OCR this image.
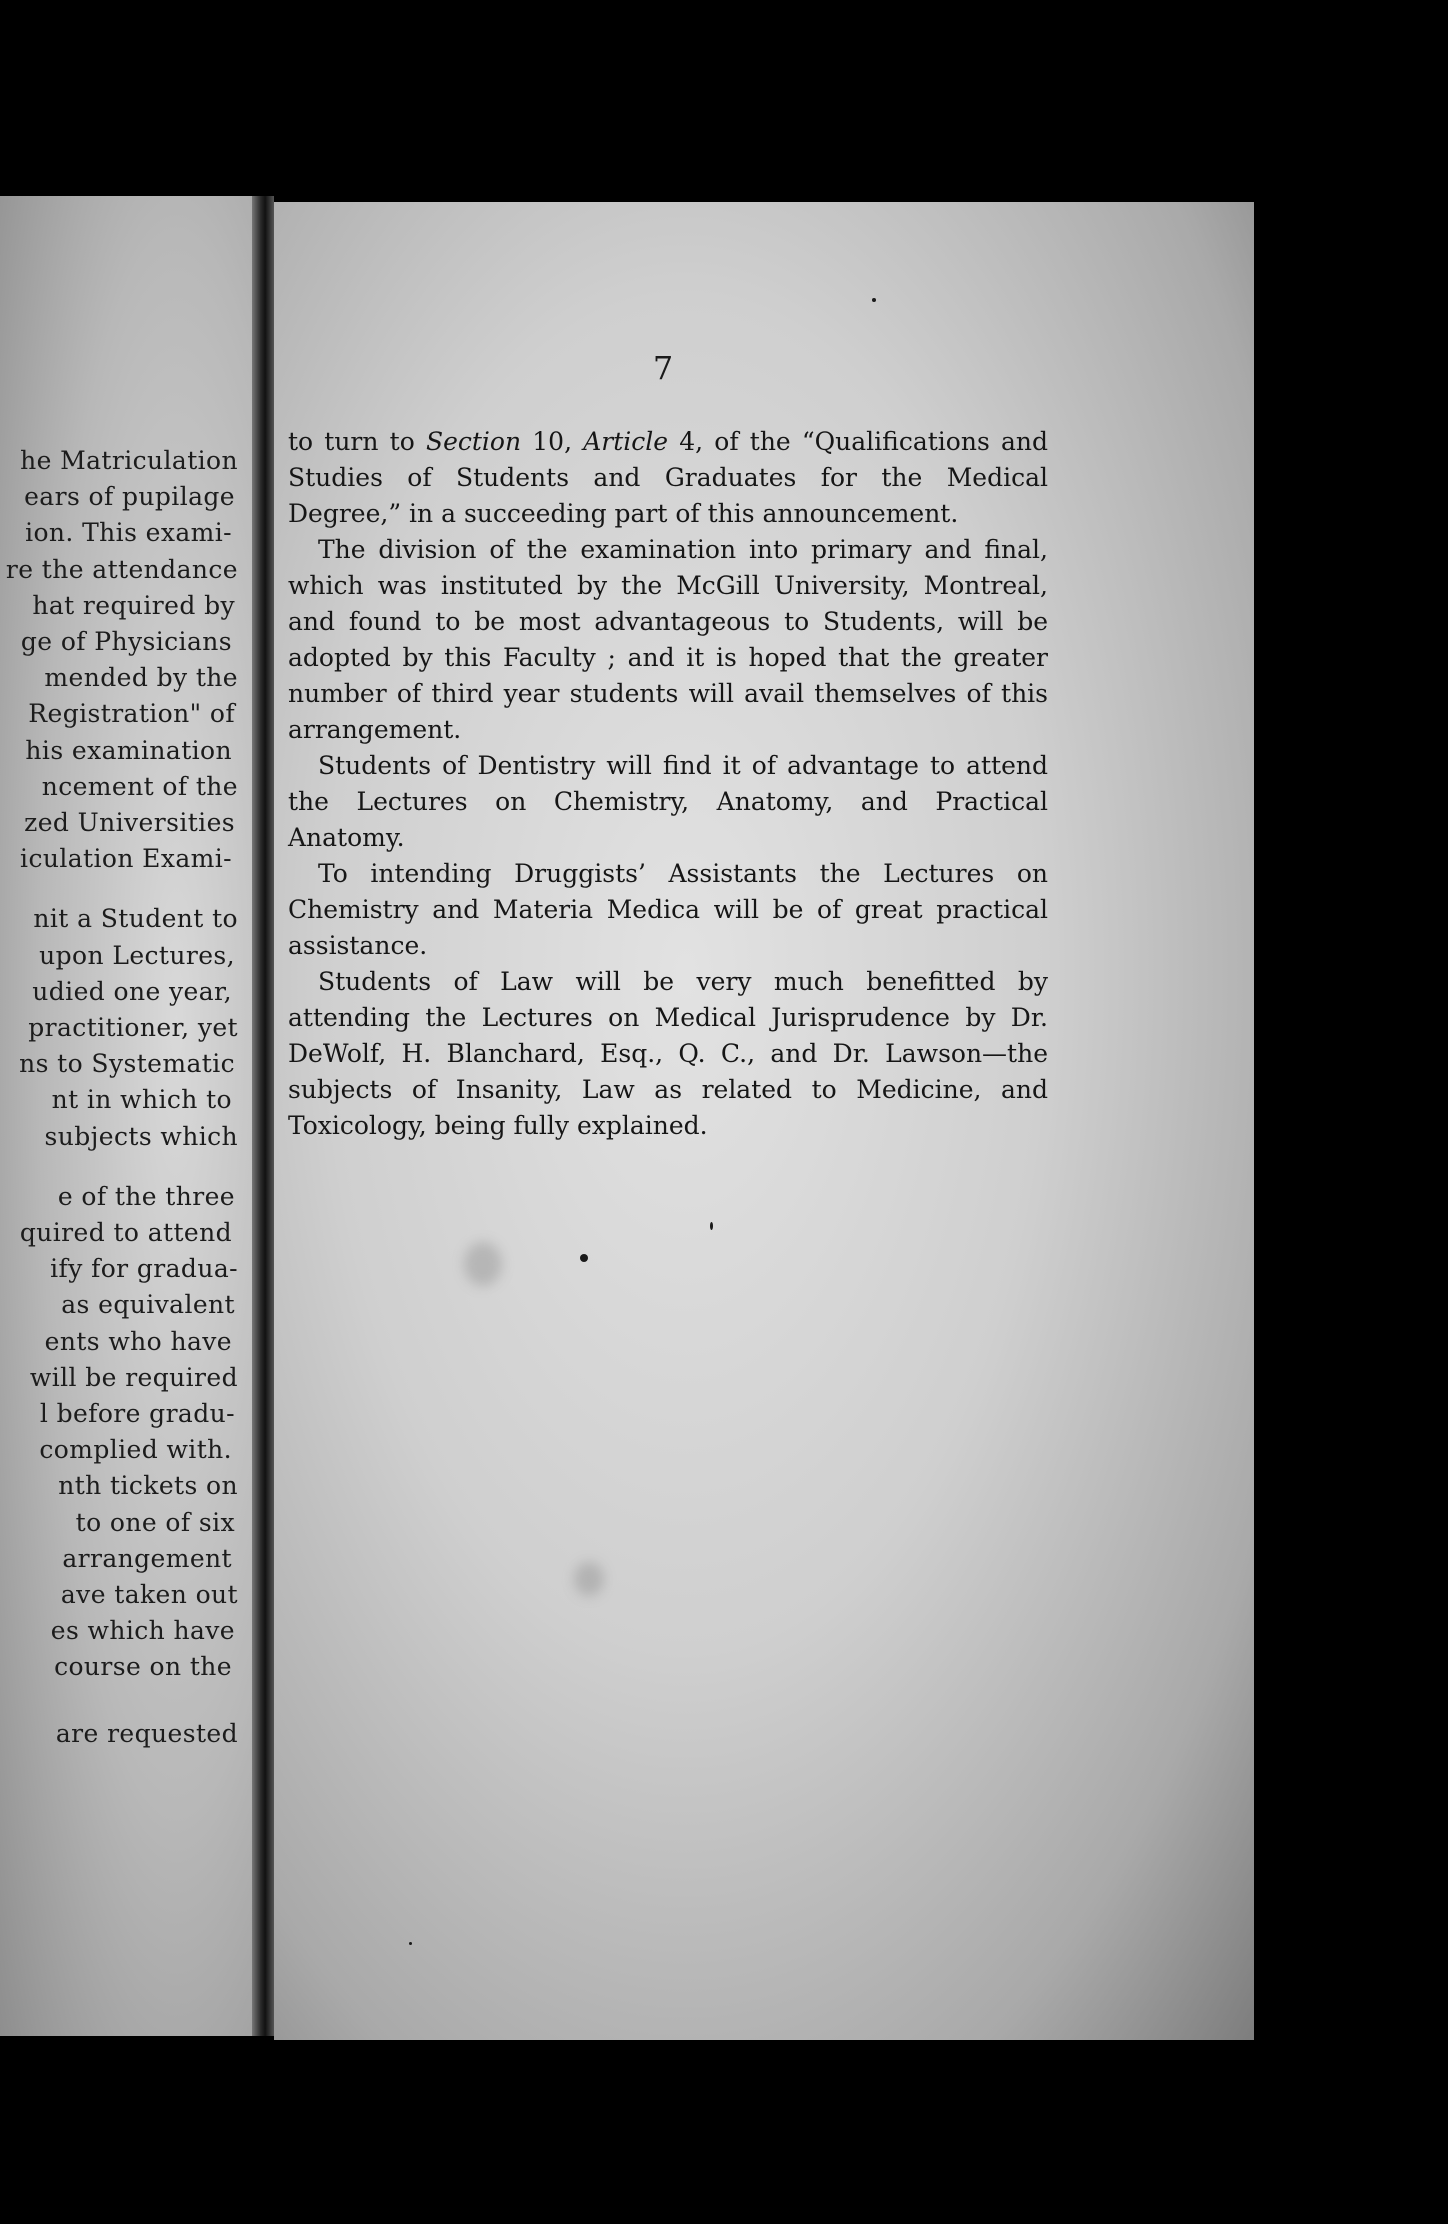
he Matriculation
ears of pupilage
ion. This exami-
re the attendance
hat required by
ge of Physicians
mended by the
Registration" of
his examination
ncement of the
zed Universities
iculation Exami-
nit a Student to
upon Lectures,
udied one year,
practitioner, yet
ns to Systematic
nt in which to
subjects which
e of the three
quired to attend
ify for gradua-
as equivalent
ents who have
will be required
l before gradu-
complied with.
nth tickets on
to one of six
arrangement
ave taken out
es which have
course on the
are requested
7

to turn to Section 10, Article 4, of the “Qualifications and Studies of Students and Graduates for the Medical Degree,” in a succeeding part of this announcement.

The division of the examination into primary and final, which was instituted by the McGill University, Montreal, and found to be most advantageous to Students, will be adopted by this Faculty ; and it is hoped that the greater number of third year students will avail themselves of this arrangement.

Students of Dentistry will find it of advantage to attend the Lectures on Chemistry, Anatomy, and Practical Anatomy.

To intending Druggists’ Assistants the Lectures on Chemistry and Materia Medica will be of great practical assistance.

Students of Law will be very much benefitted by attending the Lectures on Medical Jurisprudence by Dr. DeWolf, H. Blanchard, Esq., Q. C., and Dr. Lawson—the subjects of Insanity, Law as related to Medicine, and Toxicology, being fully explained.
